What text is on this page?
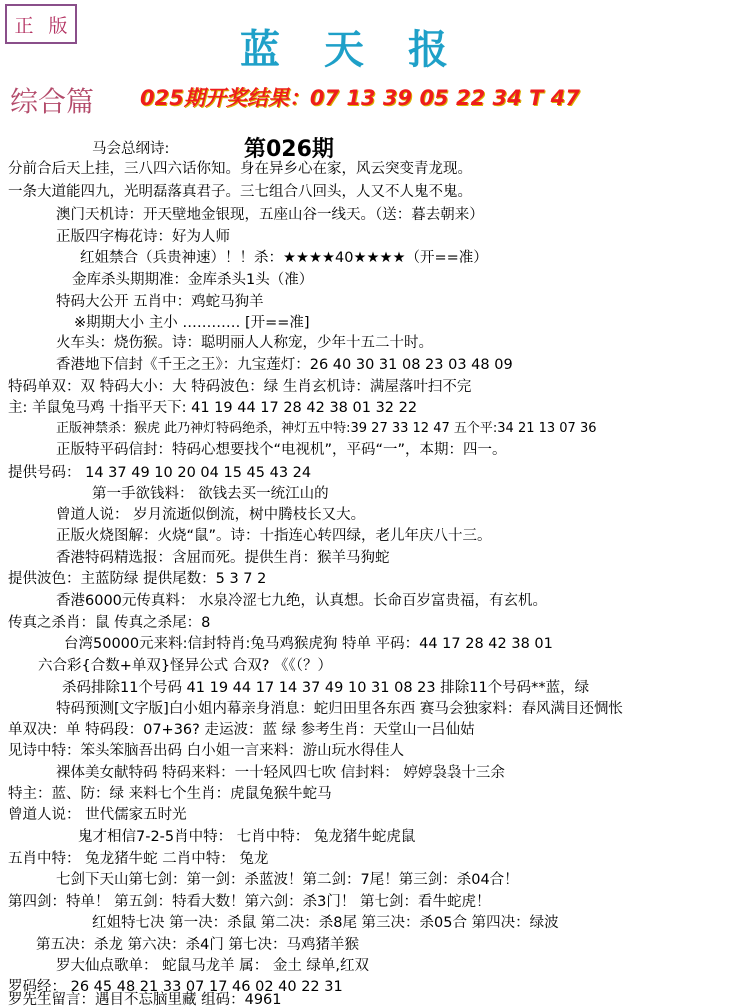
正 版
蓝天报
综合篇 025期开奖结果：07 13 39 05 22 34 T 47
第026期
马会总纲诗:
分前合后天上挂，三八四六话你知。身在异乡心在家，风云突变青龙现。
一条大道能四九，光明磊落真君子。三七组合八回头，人又不人鬼不鬼。
澳门天机诗：开天壁地金银现，五座山谷一线天。（送：暮去朝来）
正版四字梅花诗：好为人师
红姐禁合（兵贵神速）！！杀：★★★★40★★★★（开==准）
金库杀头期期准：金库杀头1头（准）
特码大公开 五肖中：鸡蛇马狗羊
※期期大小 主小 ………… [开==准]
火车头：烧伤猴。诗：聪明丽人人称宠，少年十五二十时。
香港地下信封《千王之王》：九宝莲灯：26 40 30 31 08 23 03 48 09
特码单双：双 特码大小：大 特码波色：绿 生肖玄机诗：满屋落叶扫不完
主: 羊鼠兔马鸡 十指平天下: 41 19 44 17 28 42 38 01 32 22
正版神禁杀：猴虎 此乃神灯特码绝杀，神灯五中特:39 27 33 12 47 五个平:34 21 13 07 36
正版特平码信封：特码心想要找个“电视机”，平码“一”，本期：四一。
提供号码： 14 37 49 10 20 04 15 45 43 24
第一手欲钱料： 欲钱去买一统江山的
曾道人说： 岁月流逝似倒流，树中腾枝长又大。
正版火烧图解：火烧“鼠”。诗：十指连心转四绿，老儿年庆八十三。
香港特码精选报：含屈而死。提供生肖：猴羊马狗蛇
提供波色：主蓝防绿 提供尾数：5 3 7 2
香港6000元传真料： 水泉冷涩七九绝，认真想。长命百岁富贵福，有玄机。
传真之杀肖：鼠 传真之杀尾：8
台湾50000元来料:信封特肖:兔马鸡猴虎狗 特单 平码：44 17 28 42 38 01
六合彩{合数+单双}怪异公式 合双? 《《（？）
杀码排除11个号码 41 19 44 17 14 37 49 10 31 08 23 排除11个号码**蓝，绿
特码预测[文字版]白小姐内幕亲身消息：蛇归田里各东西 赛马会独家料：春风满目还惆怅
单双决：单 特码段：07+36? 走运波：蓝 绿 参考生肖：天堂山一吕仙姑
见诗中特：笨头笨脑吾出码 白小姐一言来料：游山玩水得佳人
裸体美女献特码 特码来料：一十轻风四七吹 信封料： 婷婷袅袅十三余
特主：蓝、防：绿 来料七个生肖：虎鼠兔猴牛蛇马
曾道人说： 世代儒家五时光
鬼才相信7-2-5肖中特： 七肖中特： 兔龙猪牛蛇虎鼠
五肖中特： 兔龙猪牛蛇 二肖中特： 兔龙
七剑下天山第七剑：第一剑：杀蓝波！第二剑：7尾！第三剑：杀04合！
第四剑：特单！ 第五剑：特看大数！第六剑：杀3门！ 第七剑：看牛蛇虎！
红姐特七决 第一决：杀鼠 第二决：杀8尾 第三决：杀05合 第四决：绿波
第五决：杀龙 第六决：杀4门 第七决：马鸡猪羊猴
罗大仙点歌单： 蛇鼠马龙羊 属： 金土 绿单,红双
罗码经： 26 45 48 21 33 07 17 46 02 40 22 31
罗先生留言：遇目不忘脑里藏 组码：4961
